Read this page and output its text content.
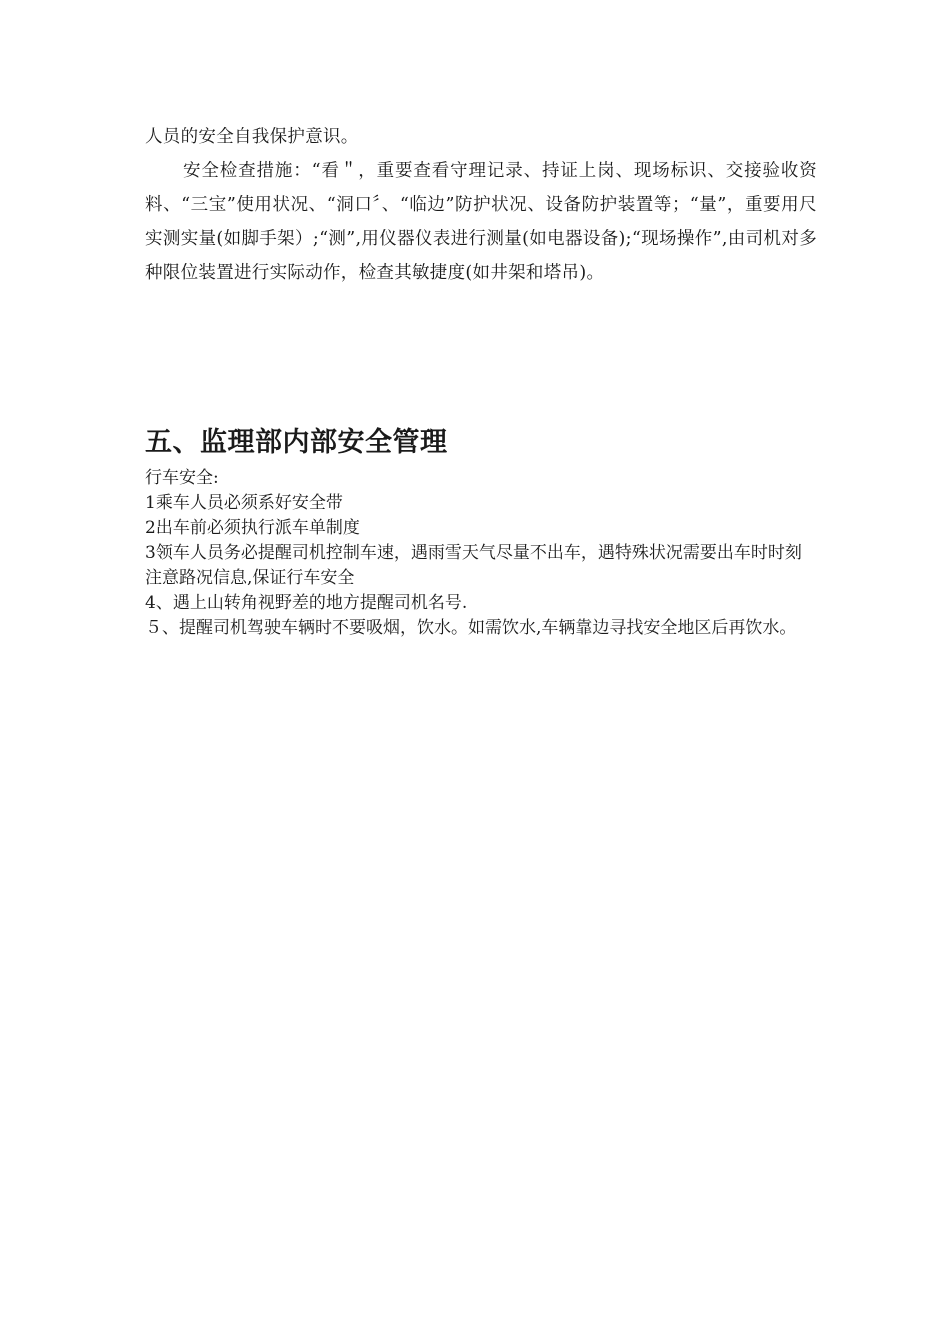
人员的安全自我保护意识。

安全检查措施：“看＂，重要查看守理记录、持证上岗、现场标识、交接验收资料、“三宝”使用状况、“洞口〞、“临边”防护状况、设备防护装置等；“量”，重要用尺实测实量(如脚手架）;“测”,用仪器仪表进行测量(如电器设备);“现场操作”,由司机对多种限位装置进行实际动作，检查其敏捷度(如井架和塔吊)。

五、监理部内部安全管理

行车安全:

1乘车人员必须系好安全带

2出车前必须执行派车单制度

3领车人员务必提醒司机控制车速，遇雨雪天气尽量不出车，遇特殊状况需要出车时时刻注意路况信息,保证行车安全

4、遇上山转角视野差的地方提醒司机名号.

５、提醒司机驾驶车辆时不要吸烟，饮水。如需饮水,车辆靠边寻找安全地区后再饮水。
